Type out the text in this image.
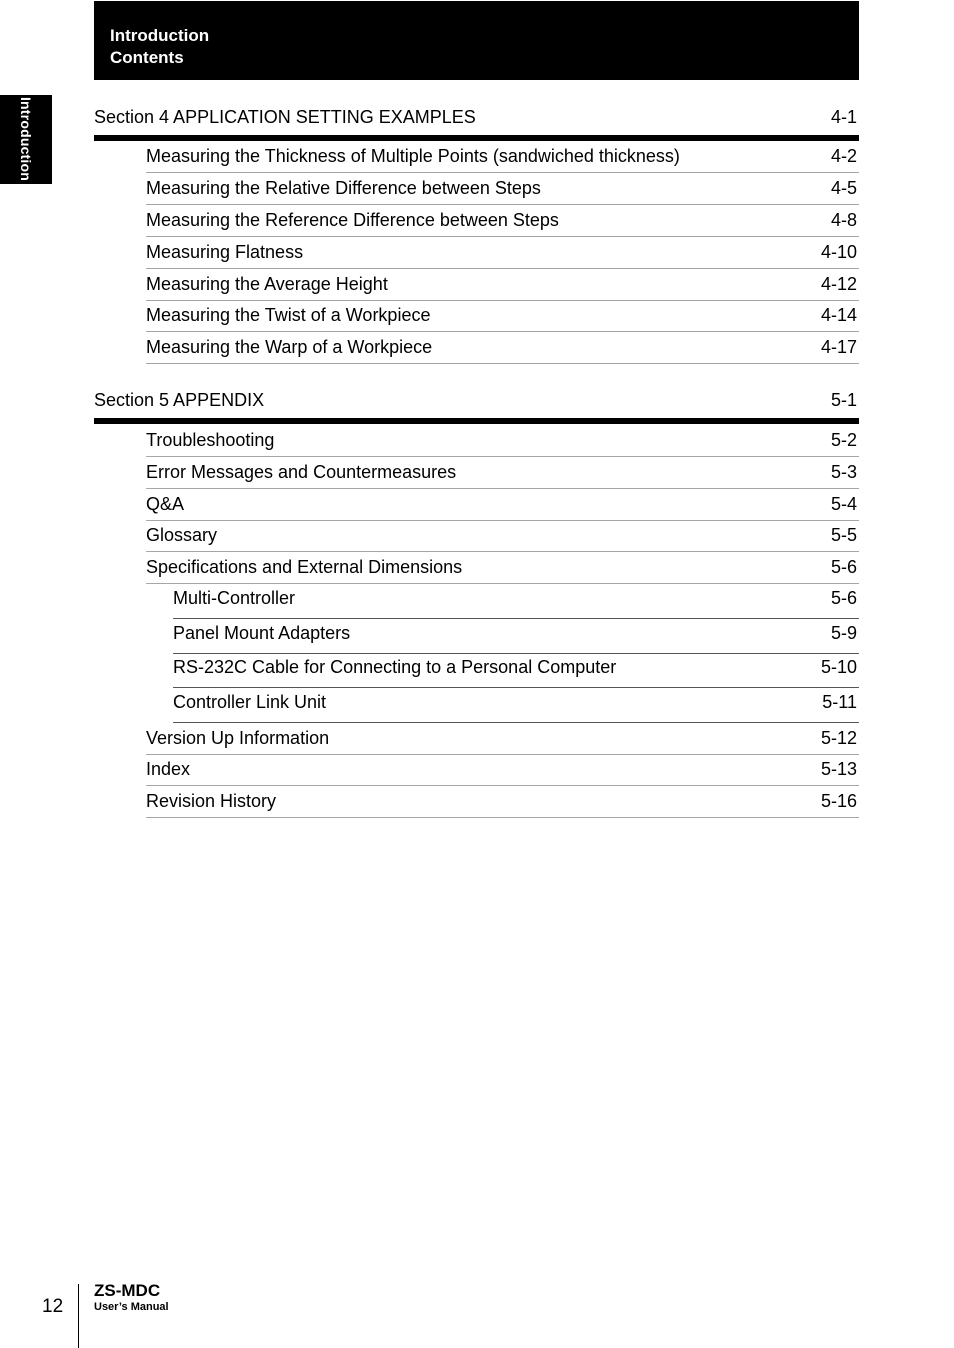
Introduction
Contents
Introduction	Section 4 APPLICATION SETTING EXAMPLES	4-1
Measuring the Thickness of Multiple Points (sandwiched thickness)	4-2
Measuring the Relative Difference between Steps	4-5
Measuring the Reference Difference between Steps	4-8
Measuring Flatness	4-10
Measuring the Average Height	4-12
Measuring the Twist of a Workpiece	4-14
Measuring the Warp of a Workpiece	4-17
Section 5 APPENDIX	5-1
Troubleshooting	5-2
Error Messages and Countermeasures	5-3
Q&A	5-4
Glossary	5-5
Specifications and External Dimensions	5-6
Multi-Controller	5-6
Panel Mount Adapters	5-9
RS-232C Cable for Connecting to a Personal Computer	5-10
Controller Link Unit	5-11
Version Up Information	5-12
Index	5-13
Revision History	5-16
12
ZS-MDC
User’s Manual
